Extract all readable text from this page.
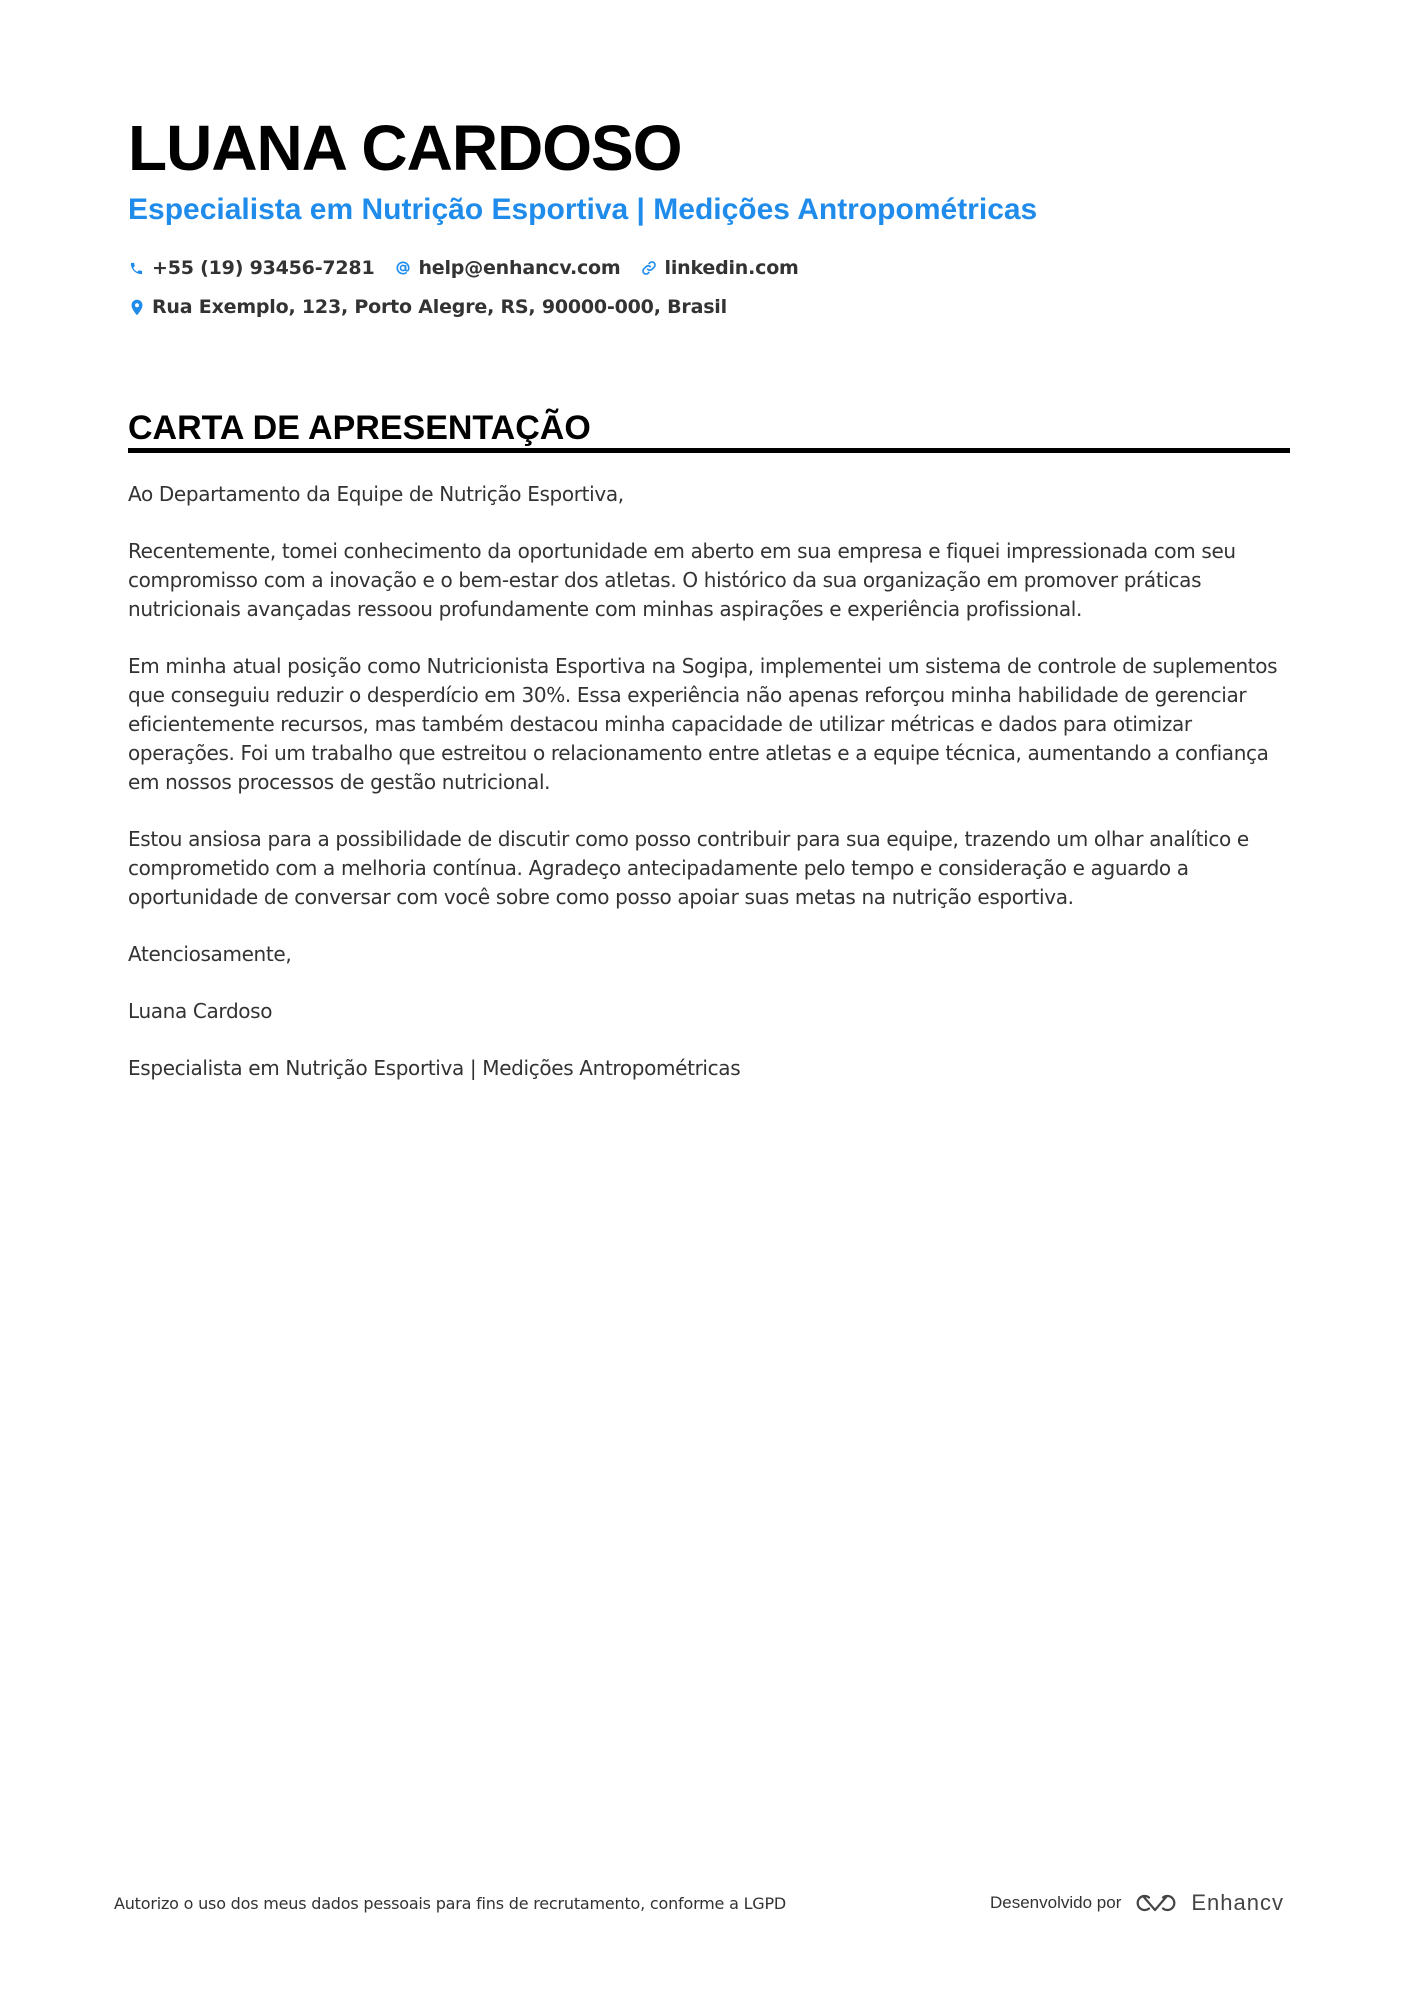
LUANA CARDOSO
Especialista em Nutrição Esportiva | Medições Antropométricas
+55 (19) 93456-7281 help@enhancv.com linkedin.com
Rua Exemplo, 123, Porto Alegre, RS, 90000-000, Brasil
CARTA DE APRESENTAÇÃO

Ao Departamento da Equipe de Nutrição Esportiva,

Recentemente, tomei conhecimento da oportunidade em aberto em sua empresa e fiquei impressionada com seu compromisso com a inovação e o bem-estar dos atletas. O histórico da sua organização em promover práticas nutricionais avançadas ressoou profundamente com minhas aspirações e experiência profissional.

Em minha atual posição como Nutricionista Esportiva na Sogipa, implementei um sistema de controle de suplementos que conseguiu reduzir o desperdício em 30%. Essa experiência não apenas reforçou minha habilidade de gerenciar eficientemente recursos, mas também destacou minha capacidade de utilizar métricas e dados para otimizar operações. Foi um trabalho que estreitou o relacionamento entre atletas e a equipe técnica, aumentando a confiança em nossos processos de gestão nutricional.

Estou ansiosa para a possibilidade de discutir como posso contribuir para sua equipe, trazendo um olhar analítico e comprometido com a melhoria contínua. Agradeço antecipadamente pelo tempo e consideração e aguardo a oportunidade de conversar com você sobre como posso apoiar suas metas na nutrição esportiva.

Atenciosamente,

Luana Cardoso

Especialista em Nutrição Esportiva | Medições Antropométricas

Autorizo o uso dos meus dados pessoais para fins de recrutamento, conforme a LGPD	Desenvolvido por	Enhancv
